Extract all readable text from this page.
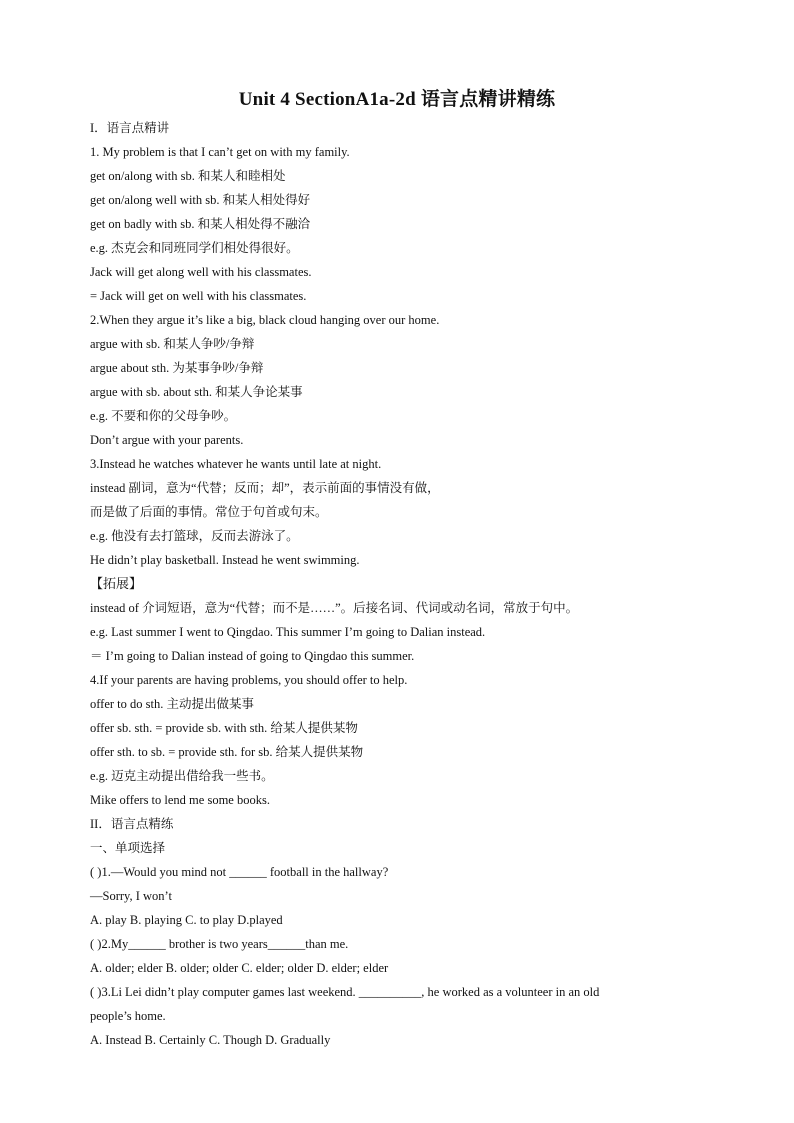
Unit 4 SectionA1a-2d 语言点精讲精练
I．语言点精讲
1. My problem is that I can’t get on with my family.
get on/along with sb. 和某人和睦相处
get on/along well with sb. 和某人相处得好
get on badly with sb. 和某人相处得不融洽
e.g. 杰克会和同班同学们相处得很好。
Jack will get along well with his classmates.
= Jack will get on well with his classmates.
2.When they argue it’s like a big, black cloud hanging over our home.
argue with sb. 和某人争吵/争辩
argue about sth. 为某事争吵/争辩
argue with sb. about sth. 和某人争论某事
e.g. 不要和你的父母争吵。
Don’t argue with your parents.
3.Instead he watches whatever he wants until late at night.
instead 副词，意为“代替；反而；却”，表示前面的事情没有做，
而是做了后面的事情。常位于句首或句末。
e.g. 他没有去打篮球，反而去游泳了。
He didn’t play basketball. Instead he went swimming.
【拓展】
instead of 介词短语，意为“代替；而不是……”。后接名词、代词或动名词，常放于句中。
e.g. Last summer I went to Qingdao. This summer I’m going to Dalian instead.
＝ I’m going to Dalian instead of going to Qingdao this summer.
4.If your parents are having problems, you should offer to help.
offer to do sth. 主动提出做某事
offer sb. sth. = provide sb. with sth. 给某人提供某物
offer sth. to sb. = provide sth. for sb. 给某人提供某物
e.g. 迈克主动提出借给我一些书。
Mike offers to lend me some books.
II．语言点精练
一、单项选择
( )1.—Would you mind not ______ football in the hallway?
—Sorry, I won’t
A. play B. playing C. to play D.played
( )2.My______ brother is two years______than me.
A. older; elder B. older; older C. elder; older D. elder; elder
( )3.Li Lei didn’t play computer games last weekend. __________, he worked as a volunteer in an old
people’s home.
A. Instead B. Certainly C. Though D. Gradually
